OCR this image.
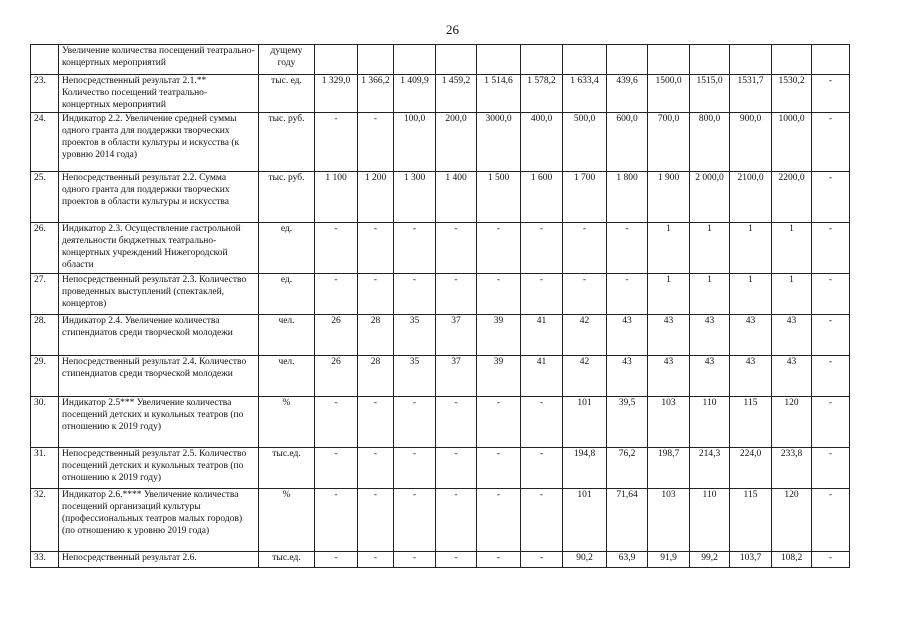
26
	Увеличение количества посещений театрально-концертных мероприятий	дущему году													
23.	Непосредственный результат 2.1.** Количество посещений театрально-концертных мероприятий	тыс. ед.	1 329,0	1 366,2	1 409,9	1 459,2	1 514,6	1 578,2	1 633,4	439,6	1500,0	1515,0	1531,7	1530,2	-
24.	Индикатор 2.2. Увеличение средней суммы одного гранта для поддержки творческих проектов в области культуры и искусства (к уровню 2014 года)	тыс. руб.	-	-	100,0	200,0	3000,0	400,0	500,0	600,0	700,0	800,0	900,0	1000,0	-
25.	Непосредственный результат 2.2. Сумма одного гранта для поддержки творческих проектов в области культуры и искусства	тыс. руб.	1 100	1 200	1 300	1 400	1 500	1 600	1 700	1 800	1 900	2 000,0	2100,0	2200,0	-
26.	Индикатор 2.3. Осуществление гастрольной деятельности бюджетных театрально-концертных учреждений Нижегородской области	ед.	-	-	-	-	-	-	-	-	1	1	1	1	-
27.	Непосредственный результат 2.3. Количество проведенных выступлений (спектаклей, концертов)	ед.	-	-	-	-	-	-	-	-	1	1	1	1	-
28.	Индикатор 2.4. Увеличение количества стипендиатов среди творческой молодежи	чел.	26	28	35	37	39	41	42	43	43	43	43	43	-
29.	Непосредственный результат 2.4. Количество стипендиатов среди творческой молодежи	чел.	26	28	35	37	39	41	42	43	43	43	43	43	-
30.	Индикатор 2.5*** Увеличение количества посещений детских и кукольных театров (по отношению к 2019 году)	%	-	-	-	-	-	-	101	39,5	103	110	115	120	-
31.	Непосредственный результат 2.5. Количество посещений детских и кукольных театров (по отношению к 2019 году)	тыс.ед.	-	-	-	-	-	-	194,8	76,2	198,7	214,3	224,0	233,8	-
32.	Индикатор 2.6.**** Увеличение количества посещений организаций культуры (профессиональных театров малых городов) (по отношению к уровню 2019 года)	%	-	-	-	-	-	-	101	71,64	103	110	115	120	-
33.	Непосредственный результат 2.6.	тыс.ед.	-	-	-	-	-	-	90,2	63,9	91,9	99,2	103,7	108,2	-
